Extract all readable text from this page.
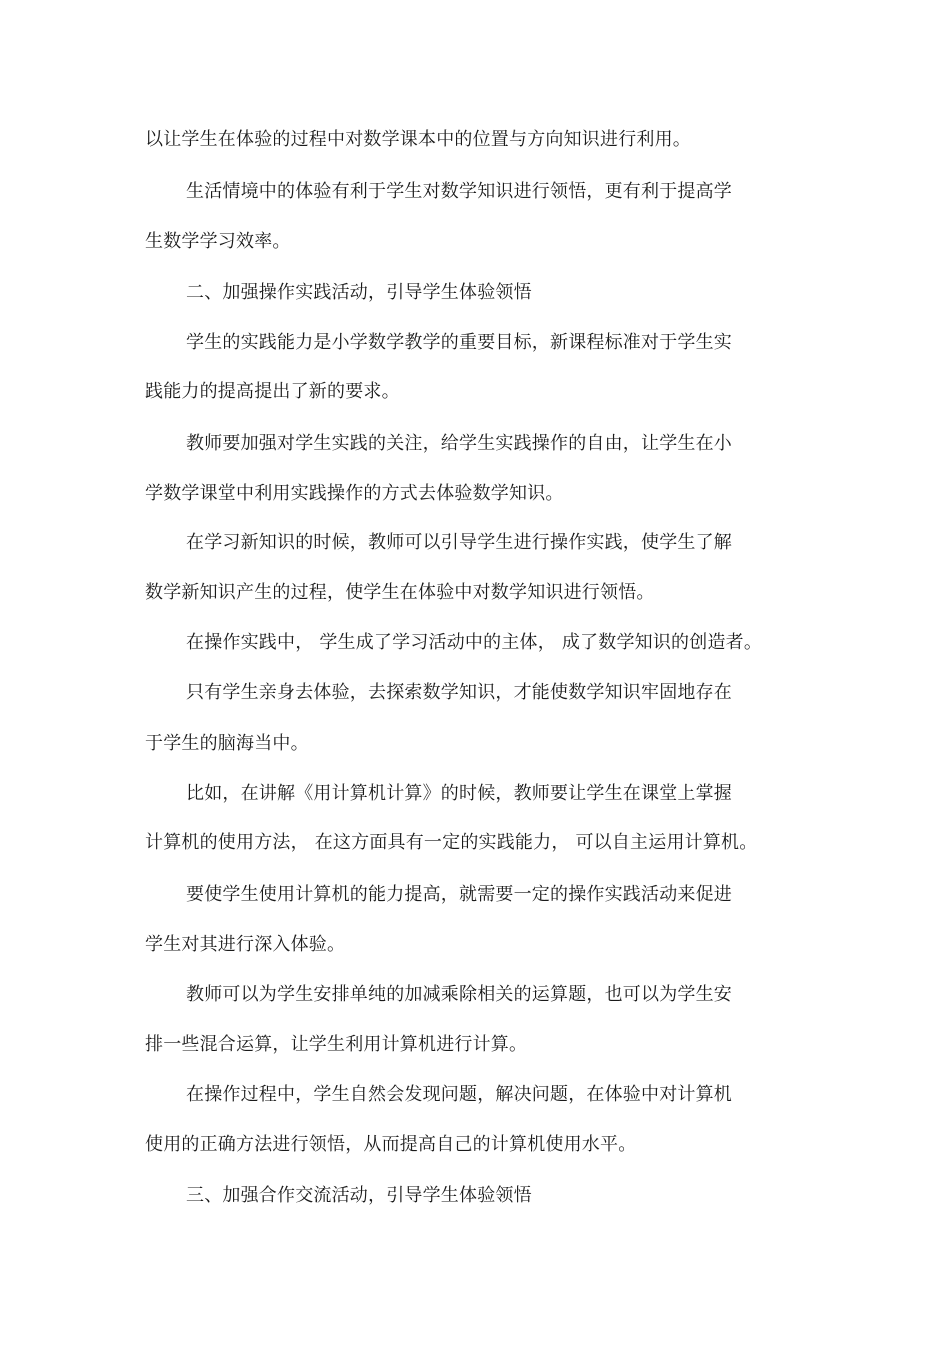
以让学生在体验的过程中对数学课本中的位置与方向知识进行利用。
生活情境中的体验有利于学生对数学知识进行领悟，更有利于提高学
生数学学习效率。
二、加强操作实践活动，引导学生体验领悟
学生的实践能力是小学数学教学的重要目标，新课程标准对于学生实
践能力的提高提出了新的要求。
教师要加强对学生实践的关注，给学生实践操作的自由，让学生在小
学数学课堂中利用实践操作的方式去体验数学知识。
在学习新知识的时候，教师可以引导学生进行操作实践，使学生了解
数学新知识产生的过程，使学生在体验中对数学知识进行领悟。
在操作实践中， 学生成了学习活动中的主体， 成了数学知识的创造者。
只有学生亲身去体验，去探索数学知识，才能使数学知识牢固地存在
于学生的脑海当中。
比如，在讲解《用计算机计算》的时候，教师要让学生在课堂上掌握
计算机的使用方法， 在这方面具有一定的实践能力， 可以自主运用计算机。
要使学生使用计算机的能力提高，就需要一定的操作实践活动来促进
学生对其进行深入体验。
教师可以为学生安排单纯的加减乘除相关的运算题，也可以为学生安
排一些混合运算，让学生利用计算机进行计算。
在操作过程中，学生自然会发现问题，解决问题，在体验中对计算机
使用的正确方法进行领悟，从而提高自己的计算机使用水平。
三、加强合作交流活动，引导学生体验领悟
